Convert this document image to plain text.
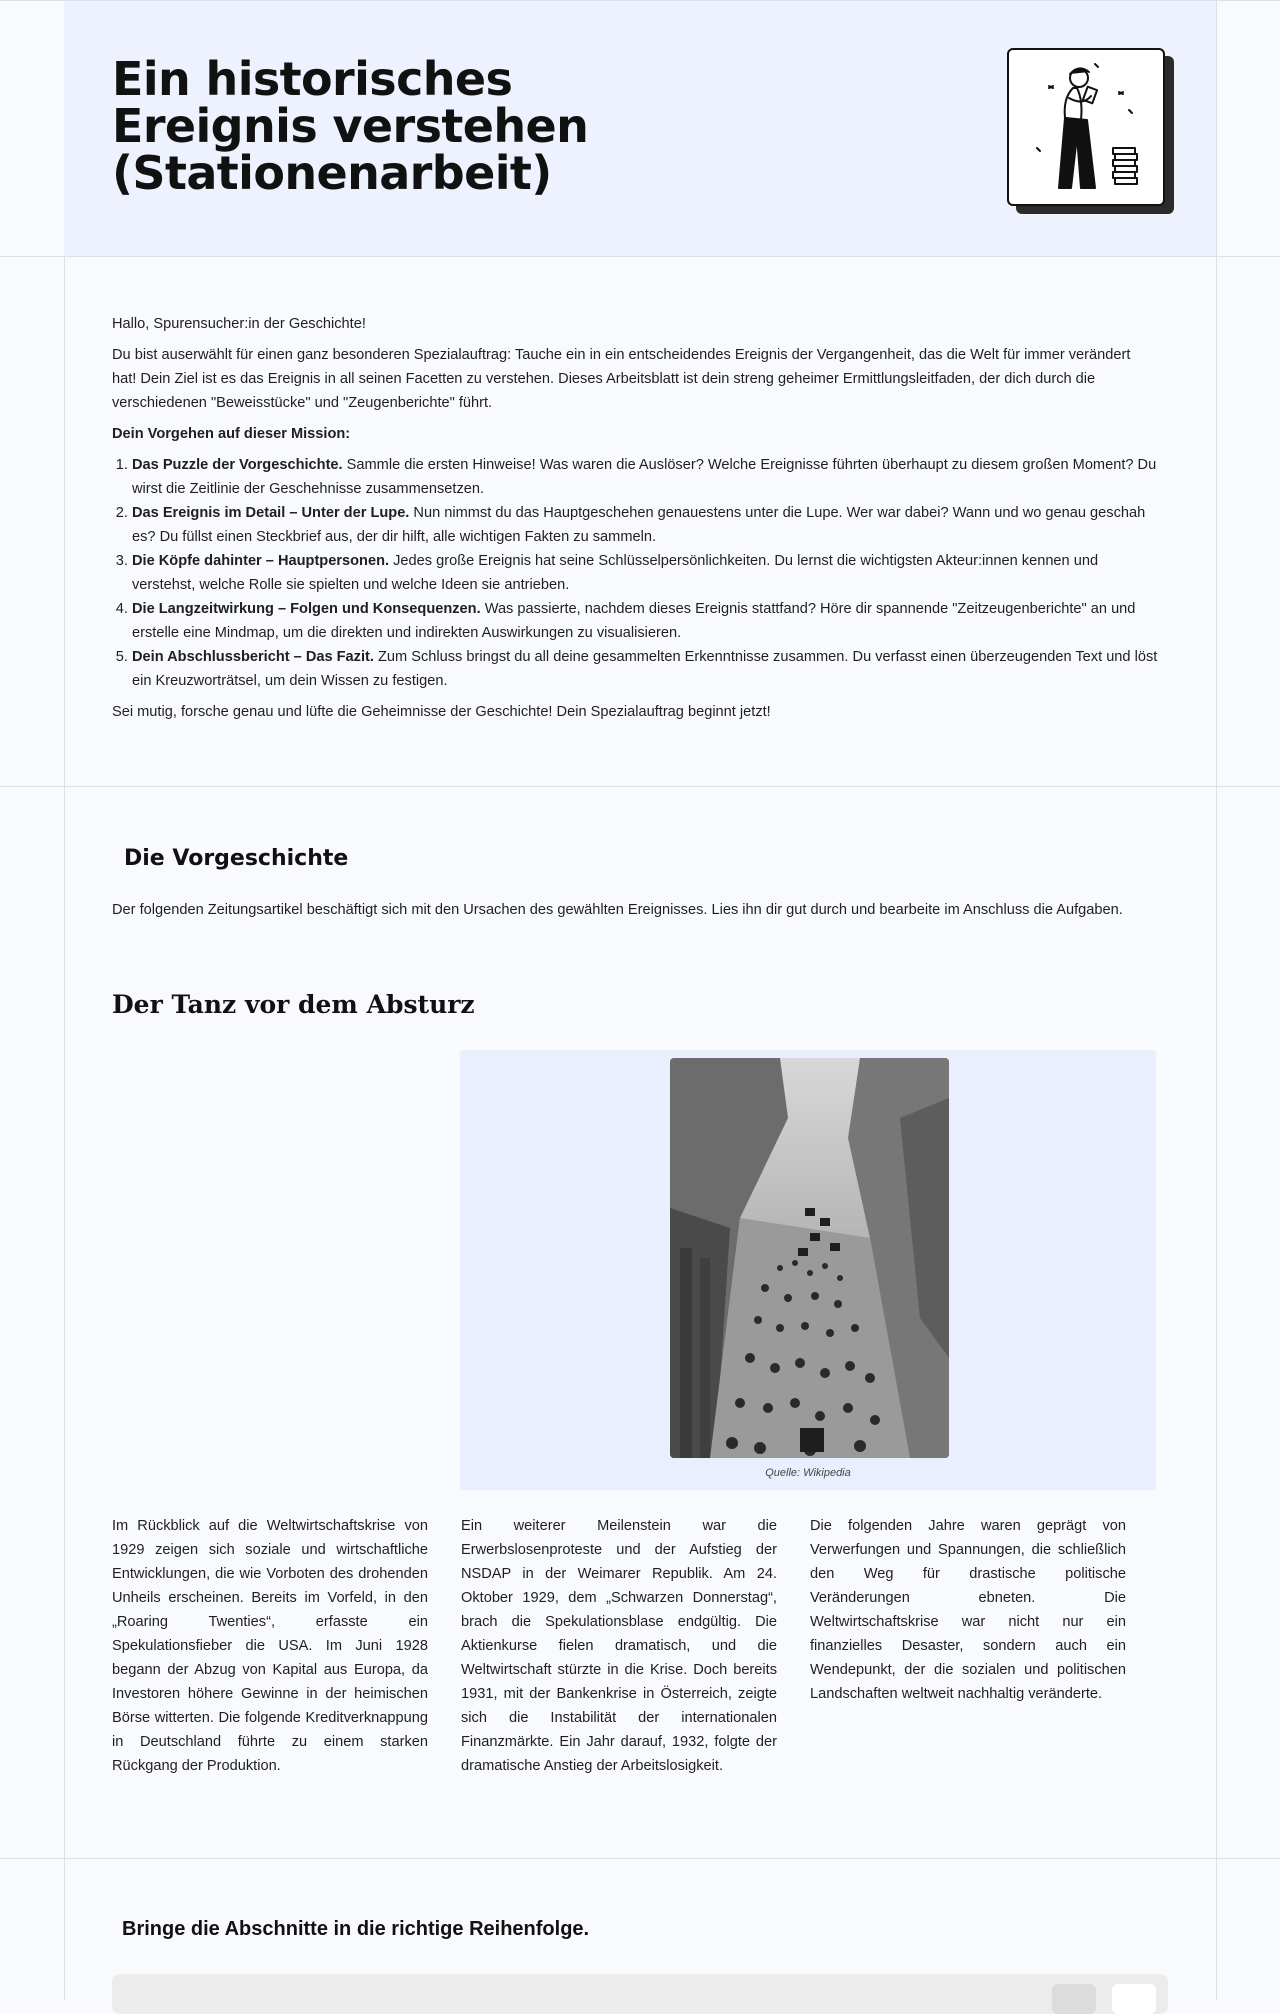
Ein historisches Ereignis verstehen (Stationenarbeit)

Hallo, Spurensucher:in der Geschichte!

Du bist auserwählt für einen ganz besonderen Spezialauftrag: Tauche ein in ein entscheidendes Ereignis der Vergangenheit, das die Welt für immer verändert hat! Dein Ziel ist es das Ereignis in all seinen Facetten zu verstehen. Dieses Arbeitsblatt ist dein streng geheimer Ermittlungsleitfaden, der dich durch die verschiedenen "Beweisstücke" und "Zeugenberichte" führt.

Dein Vorgehen auf dieser Mission:

1. Das Puzzle der Vorgeschichte. Sammle die ersten Hinweise! Was waren die Auslöser? Welche Ereignisse führten überhaupt zu diesem großen Moment? Du wirst die Zeitlinie der Geschehnisse zusammensetzen.
2. Das Ereignis im Detail – Unter der Lupe. Nun nimmst du das Hauptgeschehen genauestens unter die Lupe. Wer war dabei? Wann und wo genau geschah es? Du füllst einen Steckbrief aus, der dir hilft, alle wichtigen Fakten zu sammeln.
3. Die Köpfe dahinter – Hauptpersonen. Jedes große Ereignis hat seine Schlüsselpersönlichkeiten. Du lernst die wichtigsten Akteur:innen kennen und verstehst, welche Rolle sie spielten und welche Ideen sie antrieben.
4. Die Langzeitwirkung – Folgen und Konsequenzen. Was passierte, nachdem dieses Ereignis stattfand? Höre dir spannende "Zeitzeugenberichte" an und erstelle eine Mindmap, um die direkten und indirekten Auswirkungen zu visualisieren.
5. Dein Abschlussbericht – Das Fazit. Zum Schluss bringst du all deine gesammelten Erkenntnisse zusammen. Du verfasst einen überzeugenden Text und löst ein Kreuzworträtsel, um dein Wissen zu festigen.

Sei mutig, forsche genau und lüfte die Geheimnisse der Geschichte! Dein Spezialauftrag beginnt jetzt!

Die Vorgeschichte

Der folgenden Zeitungsartikel beschäftigt sich mit den Ursachen des gewählten Ereignisses. Lies ihn dir gut durch und bearbeite im Anschluss die Aufgaben.

Der Tanz vor dem Absturz
Quelle: Wikipedia

Im Rückblick auf die Weltwirtschaftskrise von 1929 zeigen sich soziale und wirtschaftliche Entwicklungen, die wie Vorboten des drohenden Unheils erscheinen. Bereits im Vorfeld, in den „Roaring Twenties“, erfasste ein Spekulationsfieber die USA. Im Juni 1928 begann der Abzug von Kapital aus Europa, da Investoren höhere Gewinne in der heimischen Börse witterten. Die folgende Kreditverknappung in Deutschland führte zu einem starken Rückgang der Produktion.

Ein weiterer Meilenstein war die Erwerbslosenproteste und der Aufstieg der NSDAP in der Weimarer Republik. Am 24. Oktober 1929, dem „Schwarzen Donnerstag“, brach die Spekulationsblase endgültig. Die Aktienkurse fielen dramatisch, und die Weltwirtschaft stürzte in die Krise. Doch bereits 1931, mit der Bankenkrise in Österreich, zeigte sich die Instabilität der internationalen Finanzmärkte. Ein Jahr darauf, 1932, folgte der dramatische Anstieg der Arbeitslosigkeit.

Die folgenden Jahre waren geprägt von Verwerfungen und Spannungen, die schließlich den Weg für drastische politische Veränderungen ebneten. Die Weltwirtschaftskrise war nicht nur ein finanzielles Desaster, sondern auch ein Wendepunkt, der die sozialen und politischen Landschaften weltweit nachhaltig veränderte.

Bringe die Abschnitte in die richtige Reihenfolge.
